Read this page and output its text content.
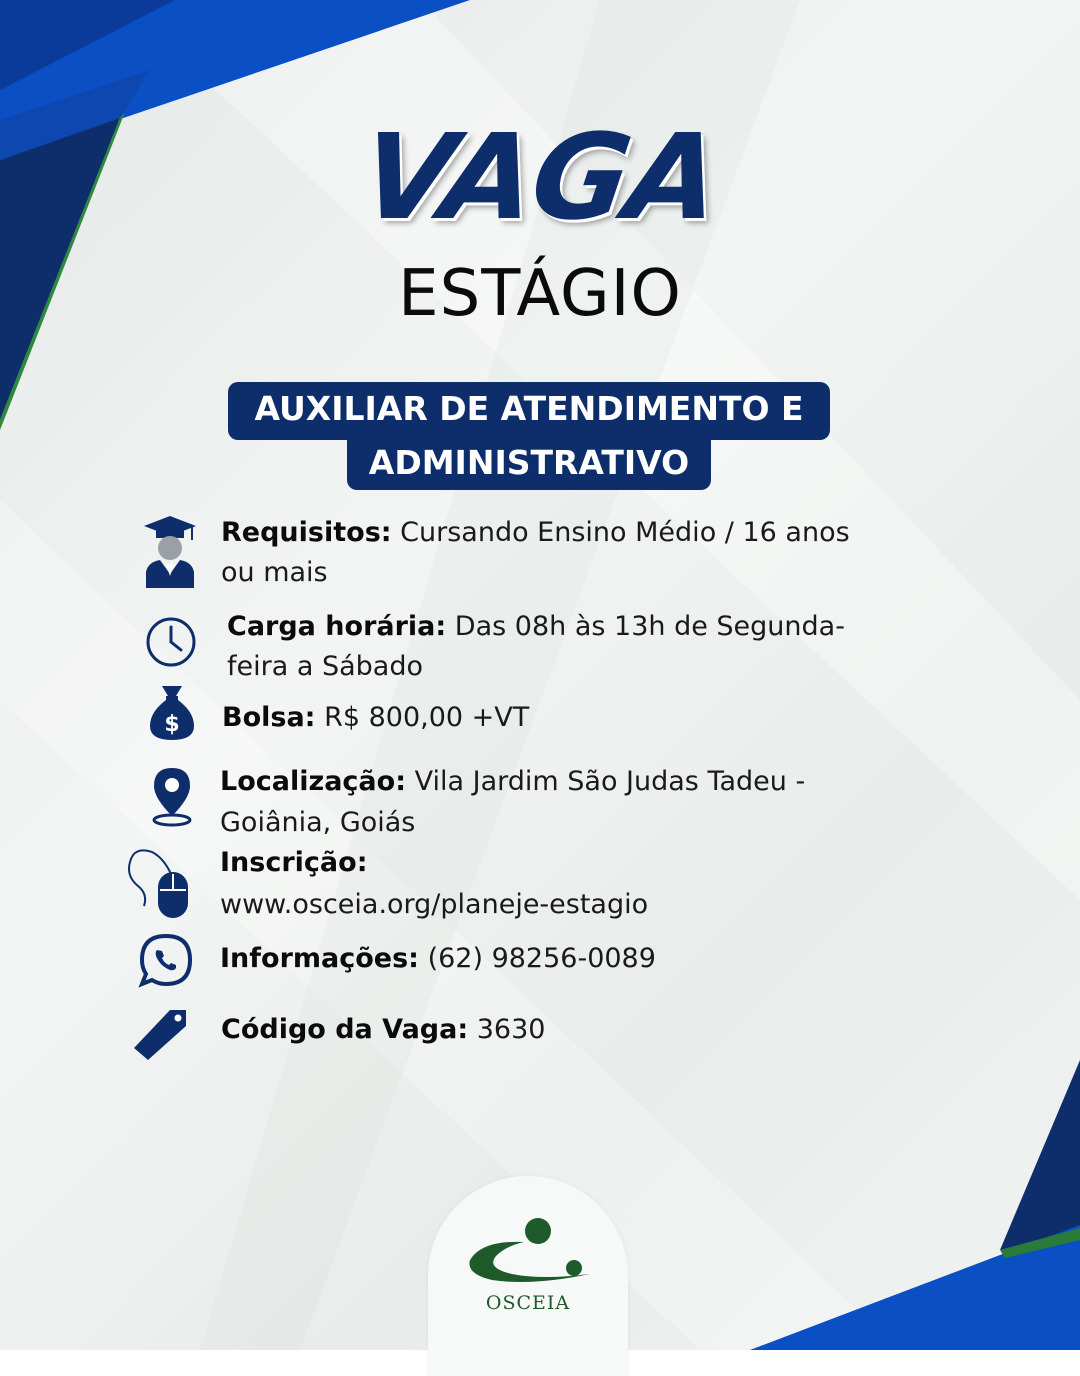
VAGA
ESTÁGIO
AUXILIAR DE ATENDIMENTO E
ADMINISTRATIVO
Requisitos: Cursando Ensino Médio / 16 anos
ou mais
Carga horária: Das 08h às 13h de Segunda-
feira a Sábado
$ Bolsa: R$ 800,00 +VT
Localização: Vila Jardim São Judas Tadeu -
Goiânia, Goiás
Inscrição:
www.osceia.org/planeje-estagio
Informações: (62) 98256-0089
Código da Vaga: 3630
OSCEIA
